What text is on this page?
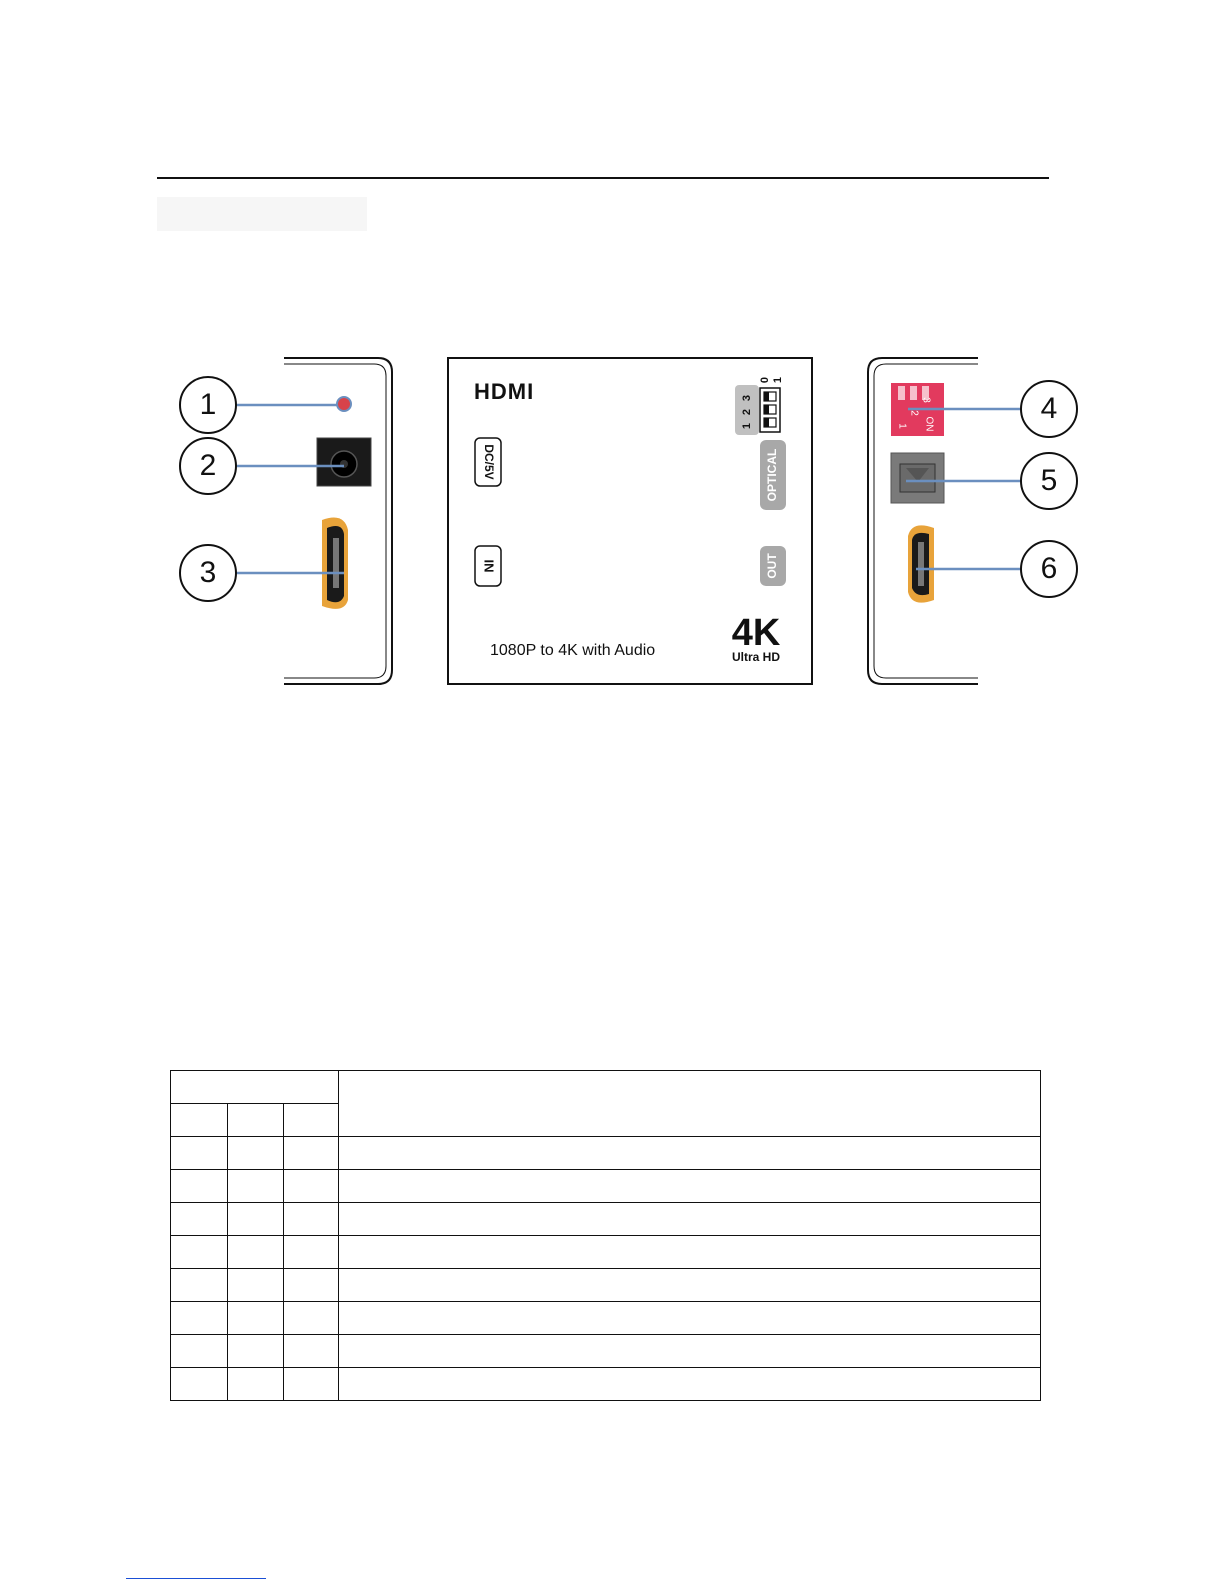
HDMI
DC/5V
IN
1
2
3
0 1
OPTICAL
OUT
1080P to 4K with Audio 4K
Ultra HD
1
2
3
ON
1
2
3
4
5
6
